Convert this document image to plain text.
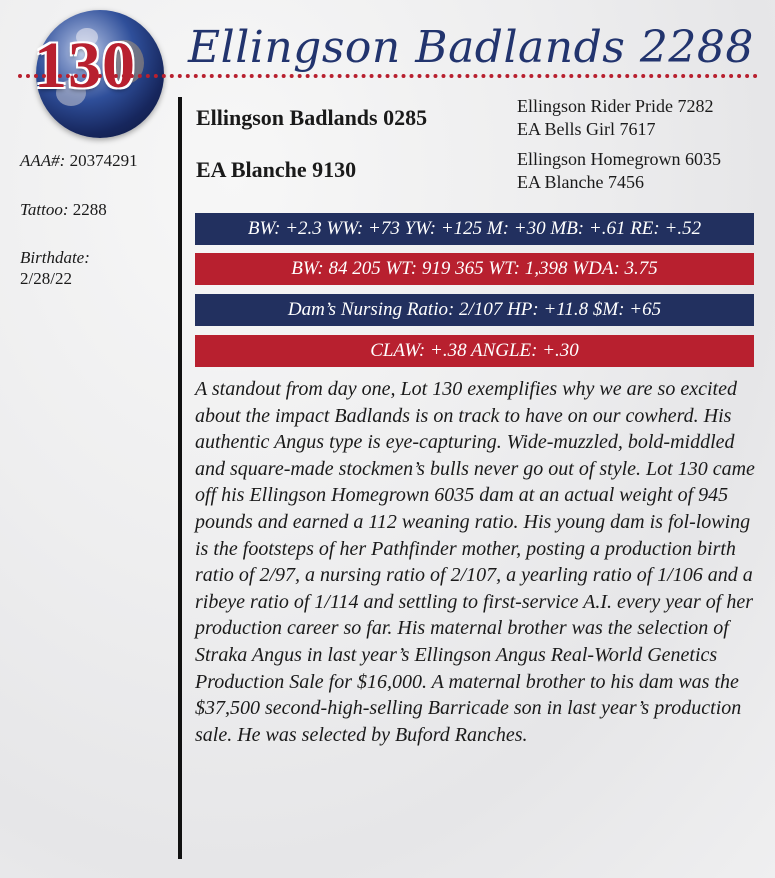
130 Ellingson Badlands 2288
AAA#: 20374291
Tattoo: 2288
Birthdate:
2/28/22
Ellingson Badlands 0285
EA Blanche 9130
Ellingson Rider Pride 7282
EA Bells Girl 7617
Ellingson Homegrown 6035
EA Blanche 7456
BW: +2.3 WW: +73 YW: +125 M: +30 MB: +.61 RE: +.52
BW: 84 205 WT: 919 365 WT: 1,398 WDA: 3.75
Dam’s Nursing Ratio: 2/107 HP: +11.8 $M: +65
CLAW: +.38 ANGLE: +.30
A standout from day one, Lot 130 exemplifies why we are so excited about the impact Badlands is on track to have on our cowherd. His authentic Angus type is eye-capturing. Wide-muzzled, bold-middled and square-made stockmen’s bulls never go out of style. Lot 130 came off his Ellingson Homegrown 6035 dam at an actual weight of 945 pounds and earned a 112 weaning ratio. His young dam is fol-lowing is the footsteps of her Pathfinder mother, posting a production birth ratio of 2/97, a nursing ratio of 2/107, a yearling ratio of 1/106 and a ribeye ratio of 1/114 and settling to first-service A.I. every year of her production career so far. His maternal brother was the selection of Straka Angus in last year’s Ellingson Angus Real-World Genetics Production Sale for $16,000. A maternal brother to his dam was the $37,500 second-high-selling Barricade son in last year’s production sale. He was selected by Buford Ranches.
